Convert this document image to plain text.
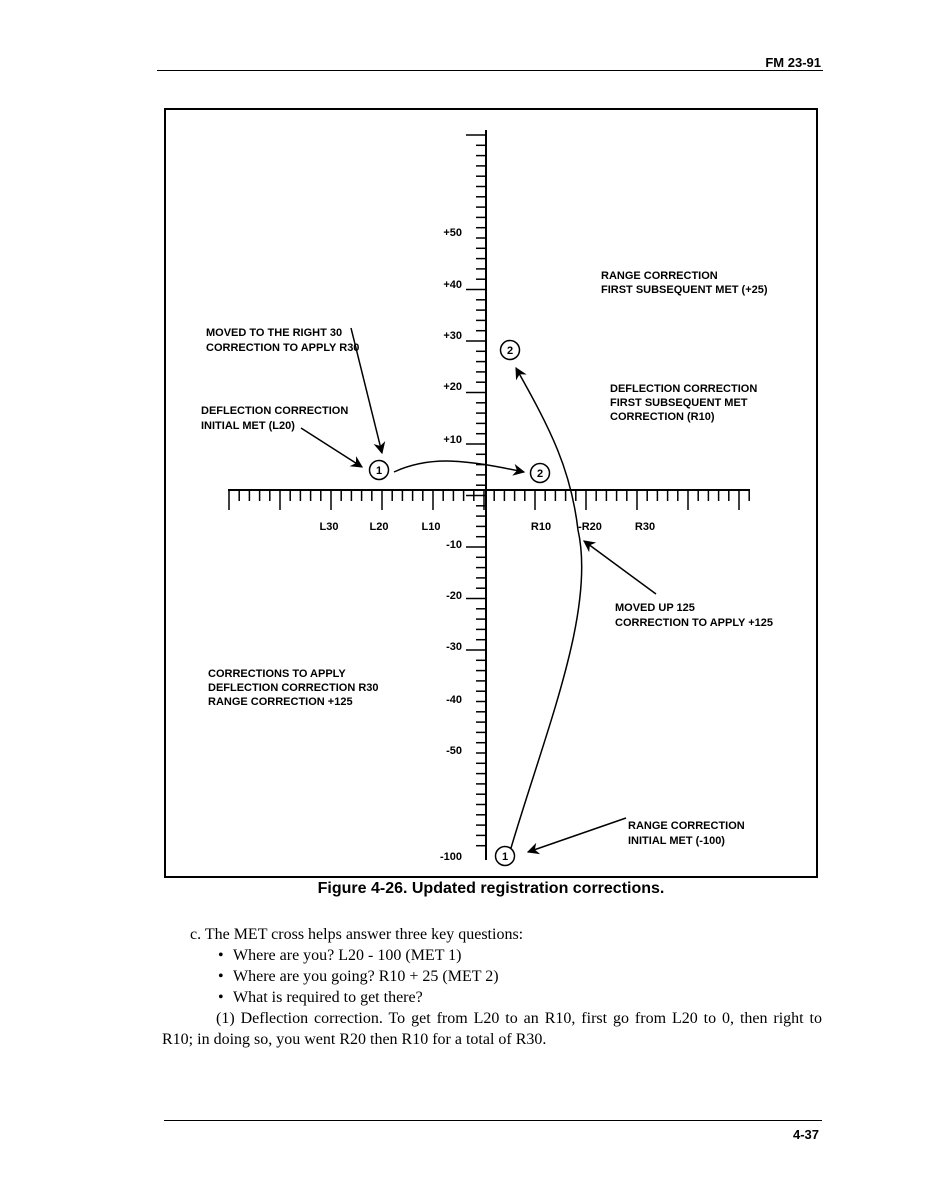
FM 23-91
+50
+40
+30
+20
+10
-10
-20
-30
-40
-50
-100
L30	L20	L10	R10 -R20	R30
1	2
2
1
RANGE CORRECTION FIRST SUBSEQUENT MET (+25)
MOVED TO THE RIGHT 30 CORRECTION TO APPLY R30
DEFLECTION CORRECTION INITIAL MET (L20)
DEFLECTION CORRECTION FIRST SUBSEQUENT MET CORRECTION (R10)
MOVED UP 125 CORRECTION TO APPLY +125
CORRECTIONS TO APPLY DEFLECTION CORRECTION R30 RANGE CORRECTION +125
RANGE CORRECTION INITIAL MET (-100)
Figure 4-26. Updated registration corrections.
c. The MET cross helps answer three key questions:
• Where are you? L20 - 100 (MET 1)
• Where are you going? R10 + 25 (MET 2)
• What is required to get there?
(1) Deflection correction. To get from L20 to an R10, first go from L20 to 0, then right to R10; in doing so, you went R20 then R10 for a total of R30.
4-37
